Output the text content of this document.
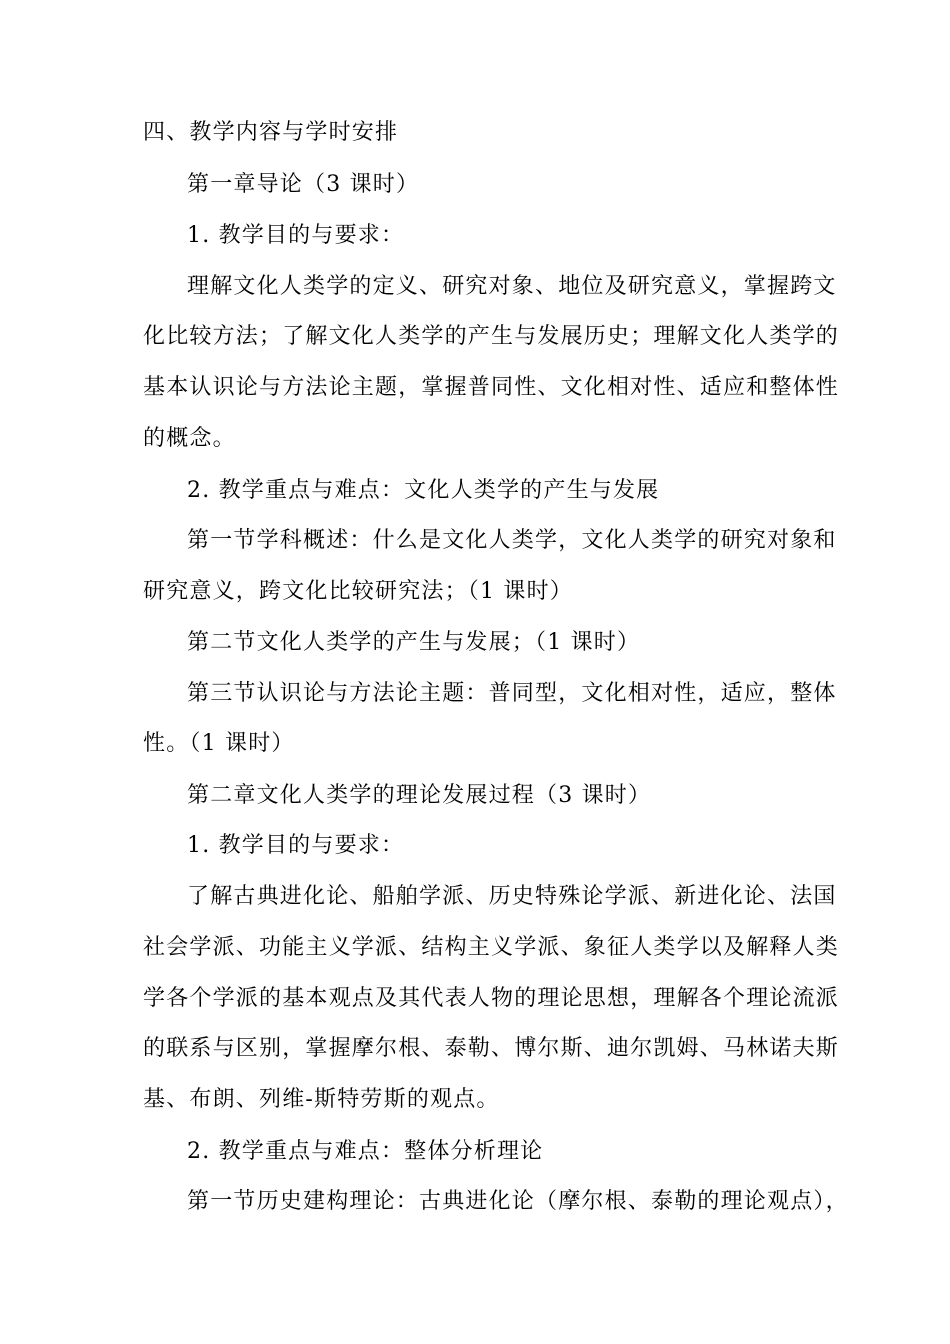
四、教学内容与学时安排
第一章导论（3 课时）
1. 教学目的与要求：
理解文化人类学的定义、研究对象、地位及研究意义，掌握跨文
化比较方法；了解文化人类学的产生与发展历史；理解文化人类学的
基本认识论与方法论主题，掌握普同性、文化相对性、适应和整体性
的概念。
2. 教学重点与难点：文化人类学的产生与发展
第一节学科概述：什么是文化人类学，文化人类学的研究对象和
研究意义，跨文化比较研究法；（1 课时）
第二节文化人类学的产生与发展；（1 课时）
第三节认识论与方法论主题：普同型，文化相对性，适应，整体
性。（1 课时）
第二章文化人类学的理论发展过程（3 课时）
1. 教学目的与要求：
了解古典进化论、船舶学派、历史特殊论学派、新进化论、法国
社会学派、功能主义学派、结构主义学派、象征人类学以及解释人类
学各个学派的基本观点及其代表人物的理论思想，理解各个理论流派
的联系与区别，掌握摩尔根、泰勒、博尔斯、迪尔凯姆、马林诺夫斯
基、布朗、列维-斯特劳斯的观点。
2. 教学重点与难点：整体分析理论
第一节历史建构理论：古典进化论（摩尔根、泰勒的理论观点），
